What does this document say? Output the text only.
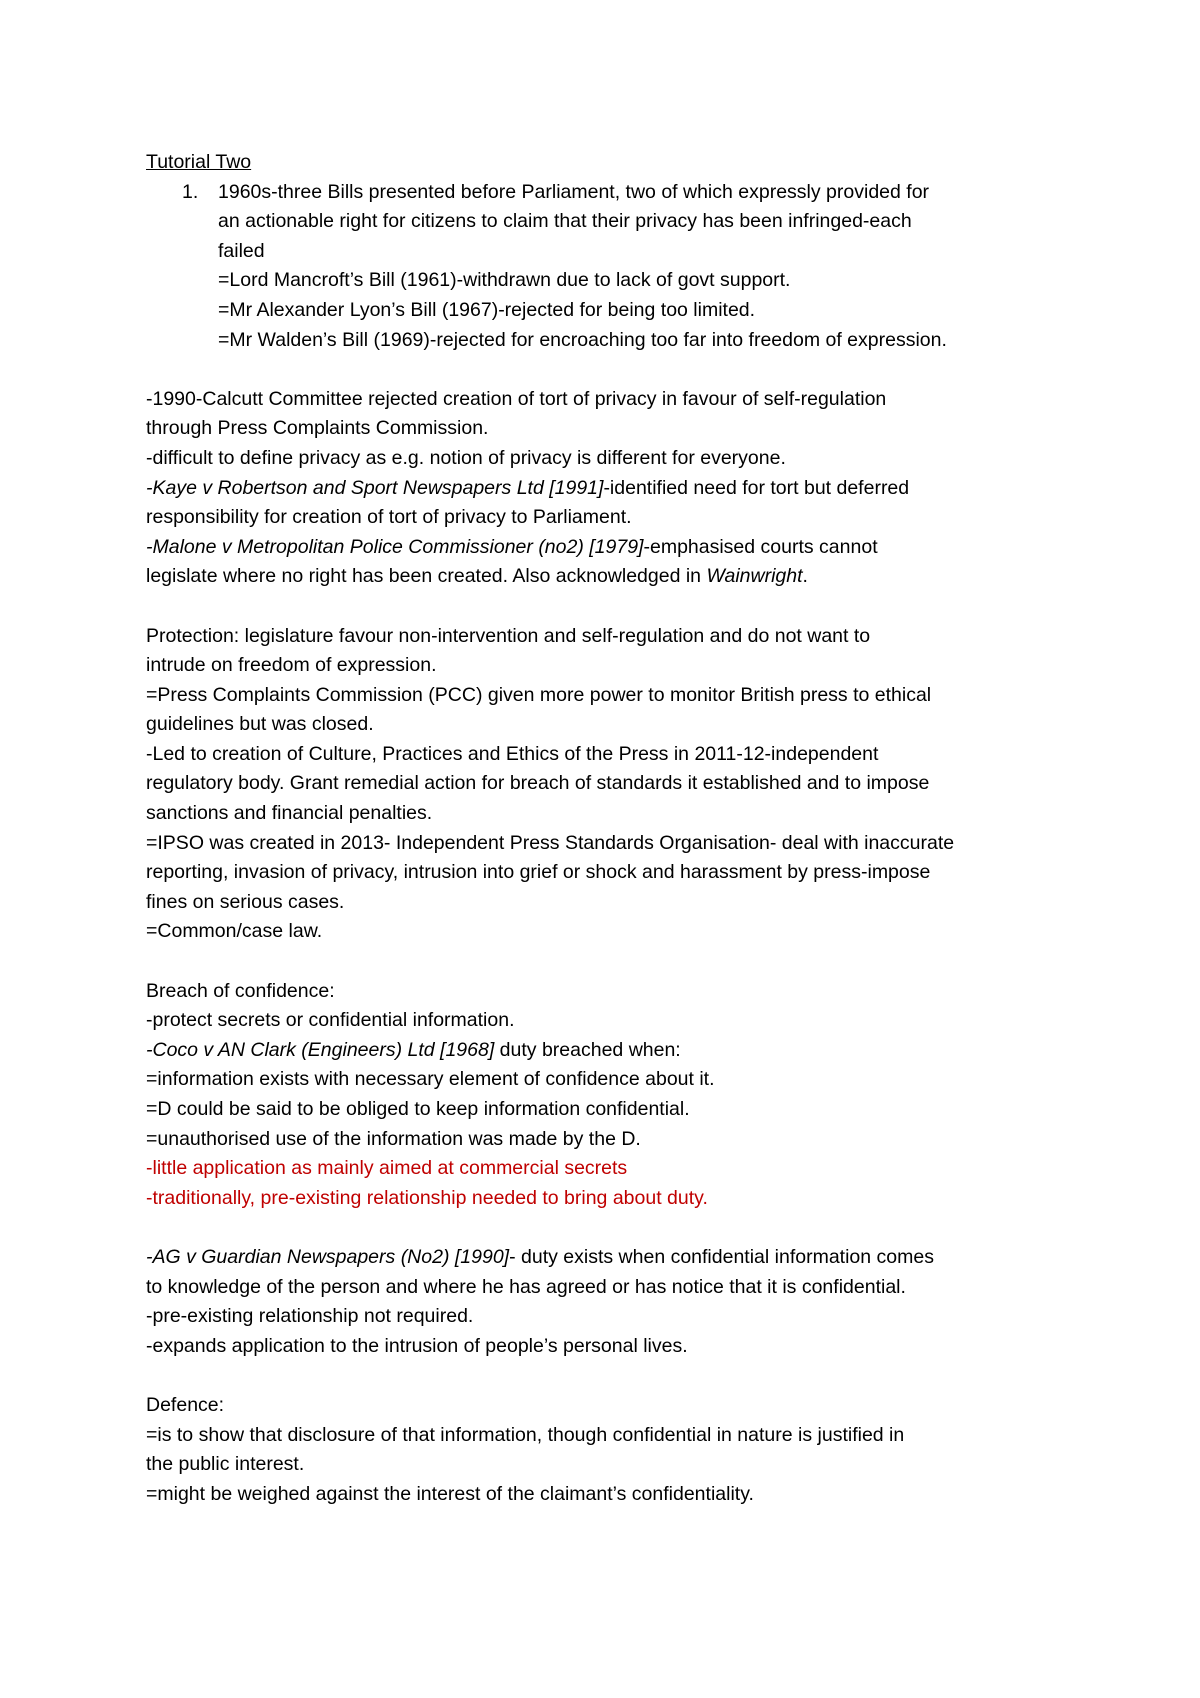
Tutorial Two
1. 1960s-three Bills presented before Parliament, two of which expressly provided for
an actionable right for citizens to claim that their privacy has been infringed-each
failed
=Lord Mancroft’s Bill (1961)-withdrawn due to lack of govt support.
=Mr Alexander Lyon’s Bill (1967)-rejected for being too limited.
=Mr Walden’s Bill (1969)-rejected for encroaching too far into freedom of expression.
-1990-Calcutt Committee rejected creation of tort of privacy in favour of self-regulation
through Press Complaints Commission.
-difficult to define privacy as e.g. notion of privacy is different for everyone.
-Kaye v Robertson and Sport Newspapers Ltd [1991]-identified need for tort but deferred
responsibility for creation of tort of privacy to Parliament.
-Malone v Metropolitan Police Commissioner (no2) [1979]-emphasised courts cannot
legislate where no right has been created. Also acknowledged in Wainwright.
Protection: legislature favour non-intervention and self-regulation and do not want to
intrude on freedom of expression.
=Press Complaints Commission (PCC) given more power to monitor British press to ethical
guidelines but was closed.
-Led to creation of Culture, Practices and Ethics of the Press in 2011-12-independent
regulatory body. Grant remedial action for breach of standards it established and to impose
sanctions and financial penalties.
=IPSO was created in 2013- Independent Press Standards Organisation- deal with inaccurate
reporting, invasion of privacy, intrusion into grief or shock and harassment by press-impose
fines on serious cases.
=Common/case law.
Breach of confidence:
-protect secrets or confidential information.
-Coco v AN Clark (Engineers) Ltd [1968] duty breached when:
=information exists with necessary element of confidence about it.
=D could be said to be obliged to keep information confidential.
=unauthorised use of the information was made by the D.
-little application as mainly aimed at commercial secrets
-traditionally, pre-existing relationship needed to bring about duty.
-AG v Guardian Newspapers (No2) [1990]- duty exists when confidential information comes
to knowledge of the person and where he has agreed or has notice that it is confidential.
-pre-existing relationship not required.
-expands application to the intrusion of people’s personal lives.
Defence:
=is to show that disclosure of that information, though confidential in nature is justified in
the public interest.
=might be weighed against the interest of the claimant’s confidentiality.
